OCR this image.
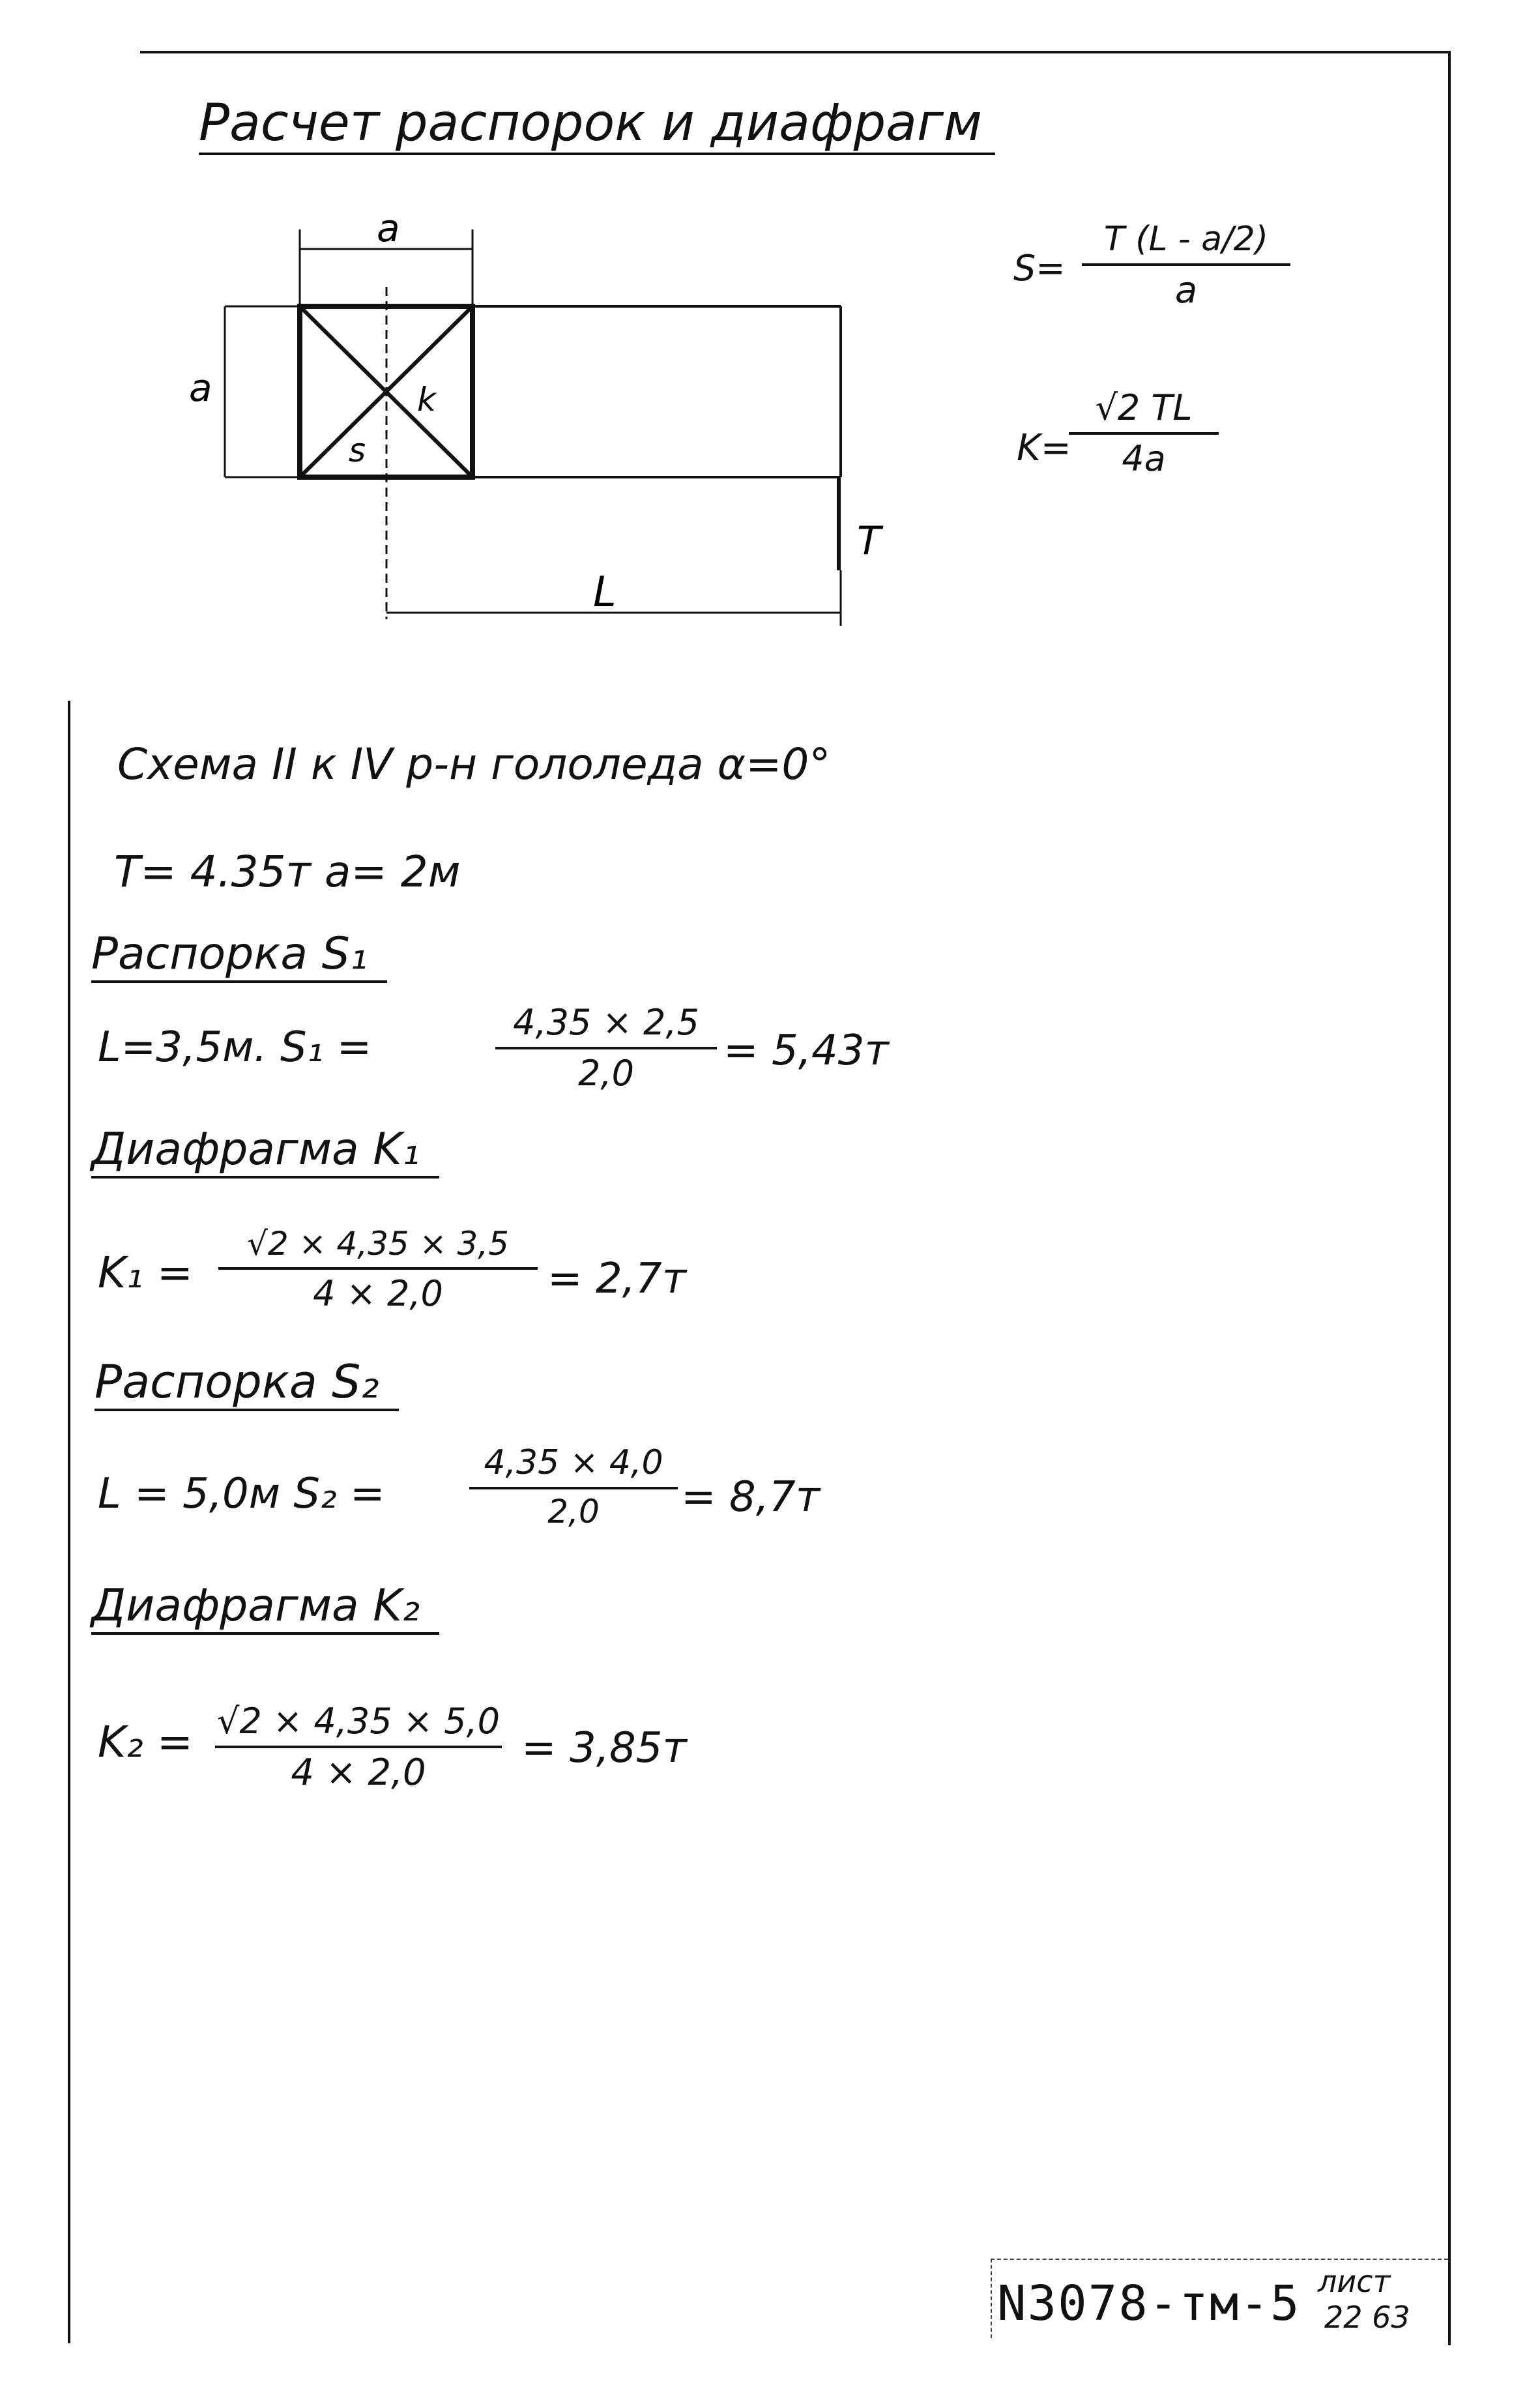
Расчет распорок и диафрагм
a
a	k
s
T
L
S=
T (L - a/2)
a
K=
√2 TL
4a
Схема II к IV р-н гололеда α=0°
T= 4.35т a= 2м
Распорка S₁
L=3,5м. S₁ =
4,35 × 2,5
2,0	= 5,43т
Диафрагма K₁
K₁ =
√2 × 4,35 × 3,5
4 × 2,0	= 2,7т
Распорка S₂
L = 5,0м S₂ =
4,35 × 4,0
2,0	= 8,7т
Диафрагма K₂
K₂ = √2 × 4,35 × 5,0
4 × 2,0
= 3,85т
N3078-тм-5 лист
22 63
